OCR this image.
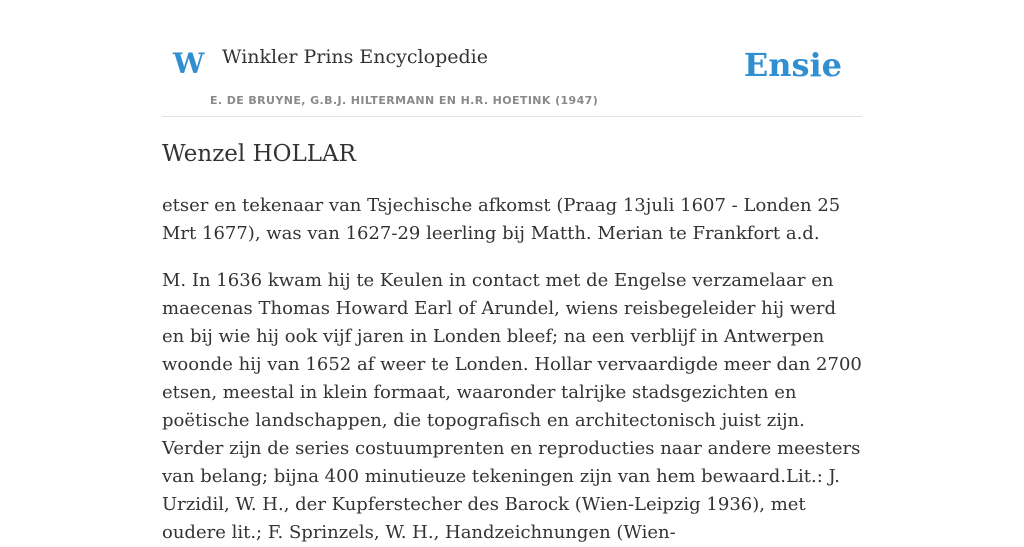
W Winkler Prins Encyclopedie
E. DE BRUYNE, G.B.J. HILTERMANN EN H.R. HOETINK (1947)
Ensie
Wenzel HOLLAR

etser en tekenaar van Tsjechische afkomst (Praag 13juli 1607 - Londen 25 Mrt 1677), was van 1627-29 leerling bij Matth. Merian te Frankfort a.d.

M. In 1636 kwam hij te Keulen in contact met de Engelse verzamelaar en maecenas Thomas Howard Earl of Arundel, wiens reisbegeleider hij werd en bij wie hij ook vijf jaren in Londen bleef; na een verblijf in Antwerpen woonde hij van 1652 af weer te Londen. Hollar vervaardigde meer dan 2700 etsen, meestal in klein formaat, waaronder talrijke stadsgezichten en poëtische landschappen, die topografisch en architectonisch juist zijn. Verder zijn de series costuumprenten en reproducties naar andere meesters van belang; bijna 400 minutieuze tekeningen zijn van hem bewaard.Lit.: J. Urzidil, W. H., der Kupferstecher des Barock (Wien-Leipzig 1936), met oudere lit.; F. Sprinzels, W. H., Handzeichnungen (Wien-
